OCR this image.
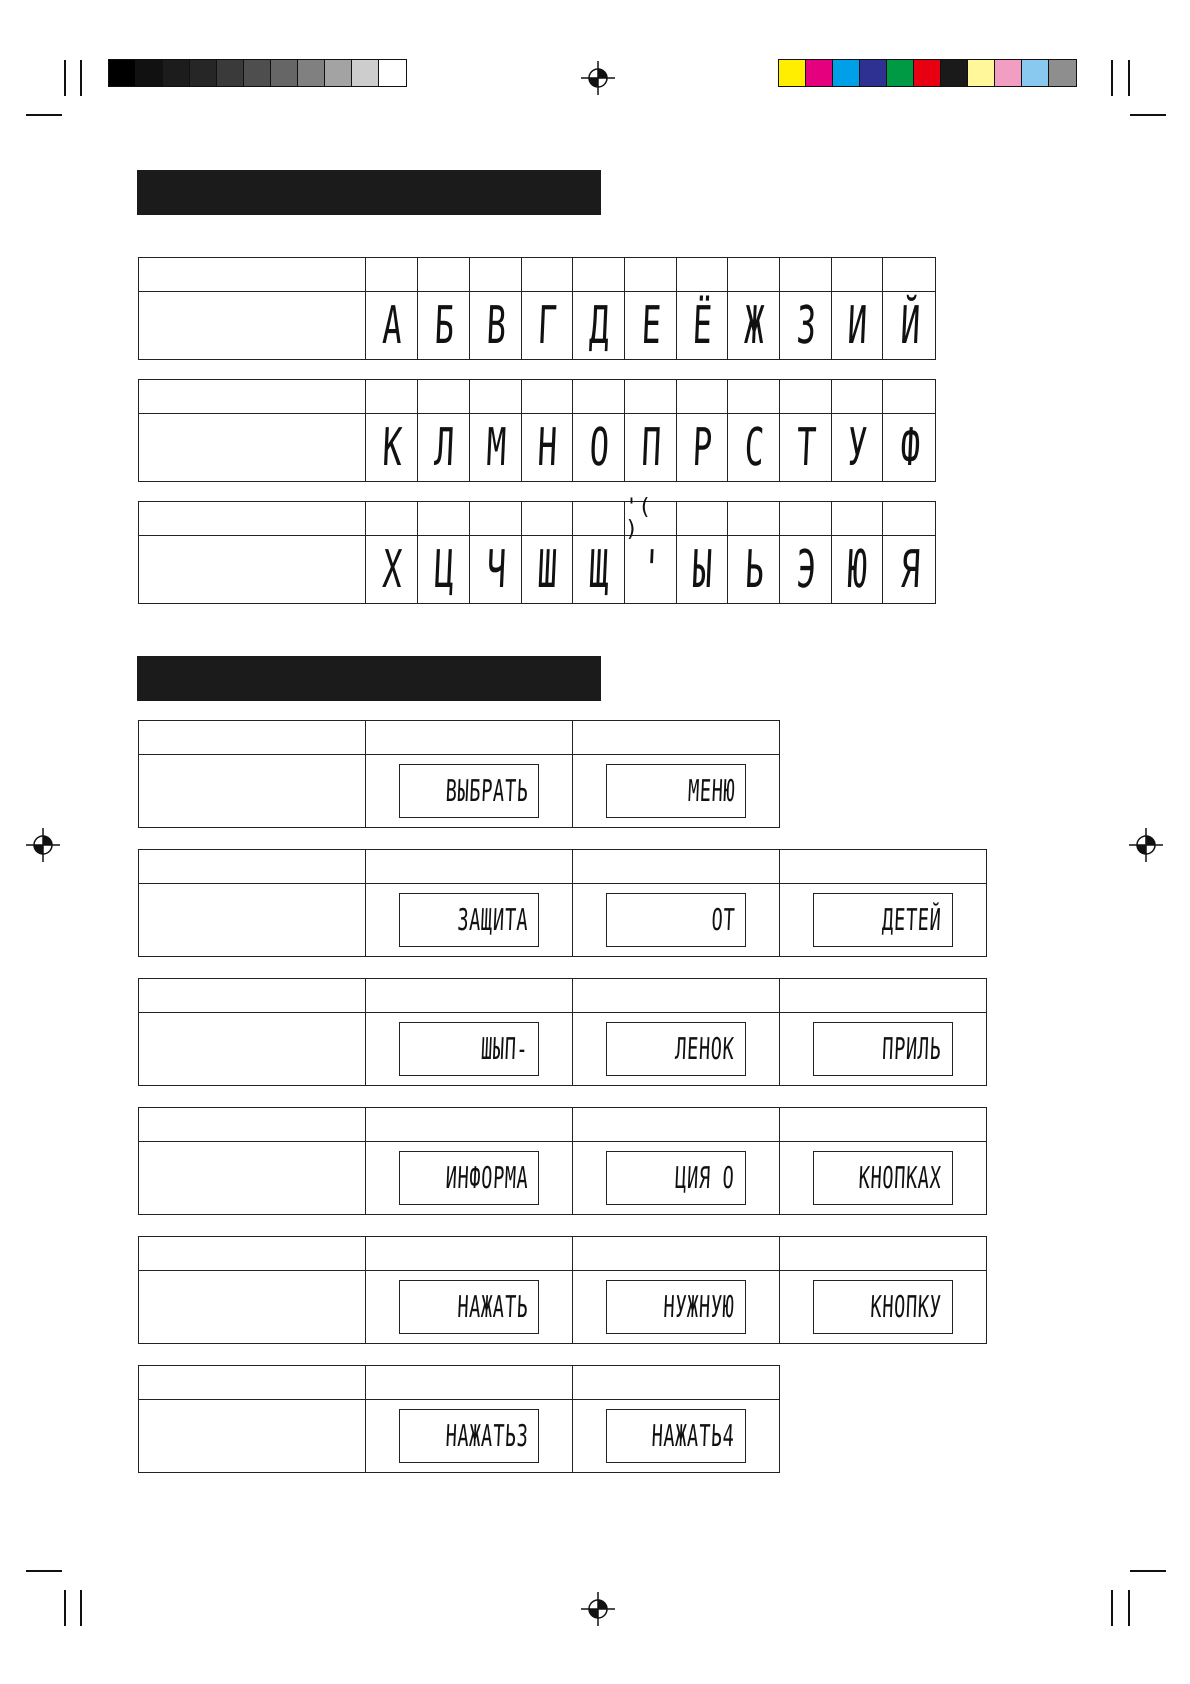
А Б В Г Д Е Ё Ж З И Й
К Л М Н О П Р С Т У Ф
'( )
Х Ц Ч Ш Щ ' Ы Ь Э Ю Я
ВЫБРАТЬ	МЕНЮ
ЗАЩИТА	ОТ	ДЕТЕЙ
ШЫП-	ЛЕНОК	ПРИЛЬ
ИНФОРМА	ЦИЯ О	КНОПКАХ
НАЖАТЬ	НУЖНУЮ	КНОПКУ
НАЖАТЬ3	НАЖАТЬ4
